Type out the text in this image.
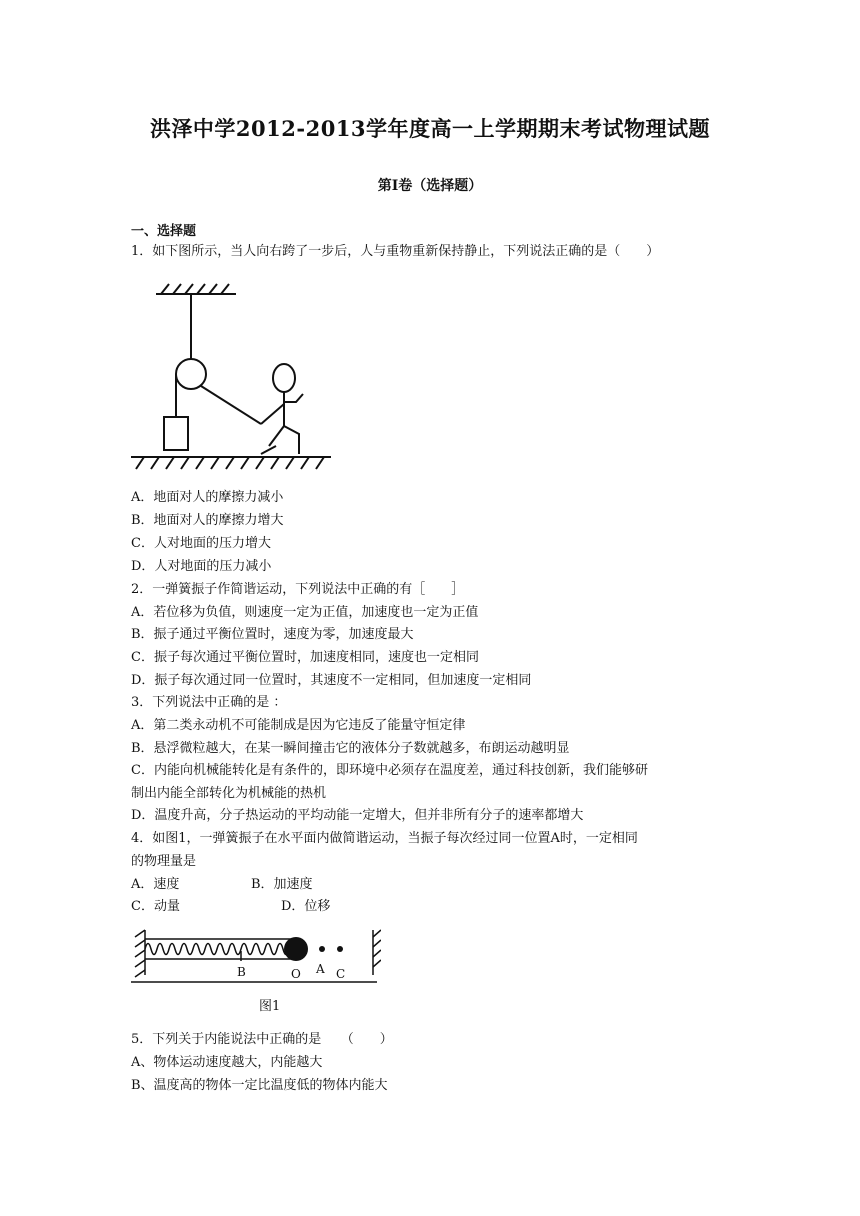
洪泽中学2012-2013学年度高一上学期期末考试物理试题
第Ⅰ卷（选择题）
一、选择题
1．如下图所示，当人向右跨了一步后，人与重物重新保持静止，下列说法正确的是（　　）
A．地面对人的摩擦力减小
B．地面对人的摩擦力增大
C．人对地面的压力增大
D．人对地面的压力减小
2．一弹簧振子作简谐运动，下列说法中正确的有［　　］
A．若位移为负值，则速度一定为正值，加速度也一定为正值
B．振子通过平衡位置时，速度为零，加速度最大
C．振子每次通过平衡位置时，加速度相同，速度也一定相同
D．振子每次通过同一位置时，其速度不一定相同，但加速度一定相同
3．下列说法中正确的是 ：
A．第二类永动机不可能制成是因为它违反了能量守恒定律
B．悬浮微粒越大，在某一瞬间撞击它的液体分子数就越多，布朗运动越明显
C．内能向机械能转化是有条件的，即环境中必须存在温度差，通过科技创新，我们能够研
制出内能全部转化为机械能的热机
D．温度升高，分子热运动的平均动能一定增大，但并非所有分子的速率都增大
4．如图1，一弹簧振子在水平面内做简谐运动，当振子每次经过同一位置A时，一定相同
的物理量是
A．速度	B．加速度
C．动量	D．位移
B	O A C
图1
5．下列关于内能说法中正确的是　　（　　）
A、物体运动速度越大，内能越大
B、温度高的物体一定比温度低的物体内能大
